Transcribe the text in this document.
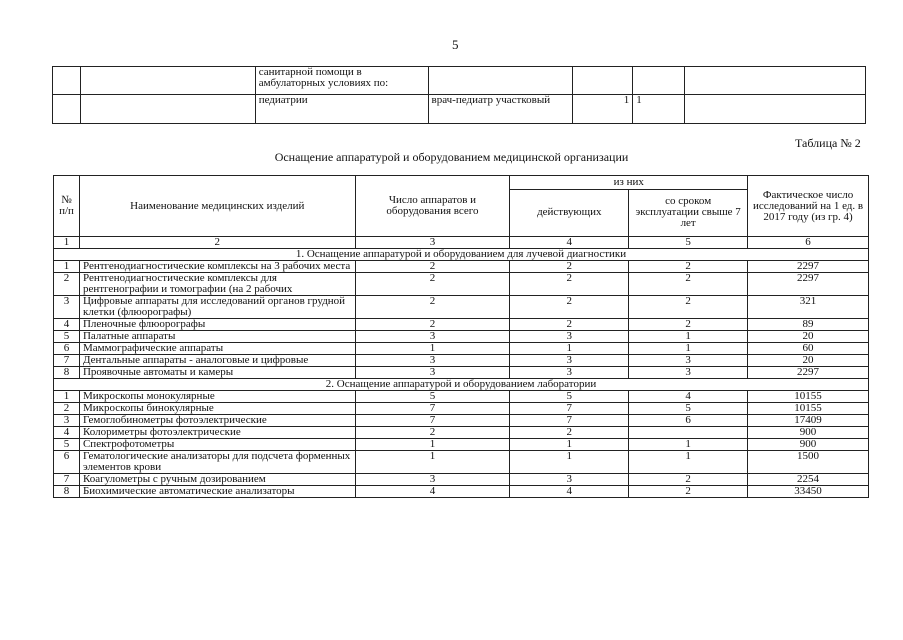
5
		санитарной помощи в амбулаторных условиях по:				
		педиатрии	врач-педиатр участковый	1	1	
Таблица № 2
Оснащение аппаратурой и оборудованием медицинской организации
№ п/п	Наименование медицинских изделий	Число аппаратов и оборудования всего	из них		Фактическое число исследований на 1 ед. в 2017 году (из гр. 4)
			действующих	со сроком эксплуатации свыше 7 лет	
1	2	3	4	5	6
1. Оснащение аппаратурой и оборудованием для лучевой диагностики					
1	Рентгенодиагностические комплексы на 3 рабочих места	2	2	2	2297
2	Рентгенодиагностические комплексы для рентгенографии и томографии (на 2 рабочих	2	2	2	2297
3	Цифровые аппараты для исследований органов грудной клетки (флюорографы)	2	2	2	321
4	Пленочные флюорографы	2	2	2	89
5	Палатные аппараты	3	3	1	20
6	Маммографические аппараты	1	1	1	60
7	Дентальные аппараты - аналоговые и цифровые	3	3	3	20
8	Проявочные автоматы и камеры	3	3	3	2297
2. Оснащение аппаратурой и оборудованием лаборатории					
1	Микроскопы монокулярные	5	5	4	10155
2	Микроскопы бинокулярные	7	7	5	10155
3	Гемоглобинометры фотоэлектрические	7	7	6	17409
4	Колориметры фотоэлектрические	2	2		900
5	Спектрофотометры	1	1	1	900
6	Гематологические анализаторы для подсчета форменных элементов крови	1	1	1	1500
7	Коагулометры с ручным дозированием	3	3	2	2254
8	Биохимические автоматические анализаторы	4	4	2	33450
